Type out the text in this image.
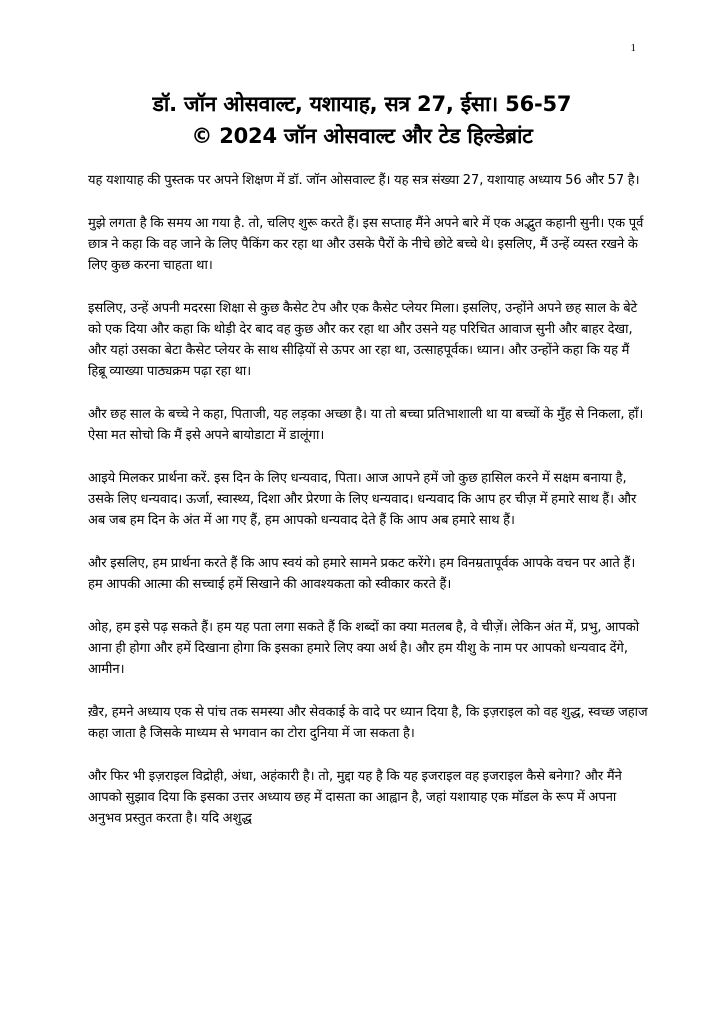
1
डॉ. जॉन ओसवाल्ट, यशायाह, सत्र 27, ईसा। 56-57
© 2024 जॉन ओसवाल्ट और टेड हिल्डेब्रांट

यह यशायाह की पुस्तक पर अपने शिक्षण में डॉ. जॉन ओसवाल्ट हैं। यह सत्र संख्या 27, यशायाह अध्याय 56 और 57 है।

मुझे लगता है कि समय आ गया है. तो, चलिए शुरू करते हैं। इस सप्ताह मैंने अपने बारे में एक अद्भुत कहानी सुनी। एक पूर्व छात्र ने कहा कि वह जाने के लिए पैकिंग कर रहा था और उसके पैरों के नीचे छोटे बच्चे थे। इसलिए, मैं उन्हें व्यस्त रखने के लिए कुछ करना चाहता था।

इसलिए, उन्हें अपनी मदरसा शिक्षा से कुछ कैसेट टेप और एक कैसेट प्लेयर मिला। इसलिए, उन्होंने अपने छह साल के बेटे को एक दिया और कहा कि थोड़ी देर बाद वह कुछ और कर रहा था और उसने यह परिचित आवाज सुनी और बाहर देखा, और यहां उसका बेटा कैसेट प्लेयर के साथ सीढ़ियों से ऊपर आ रहा था, उत्साहपूर्वक। ध्यान। और उन्होंने कहा कि यह मैं हिब्रू व्याख्या पाठ्यक्रम पढ़ा रहा था।

और छह साल के बच्चे ने कहा, पिताजी, यह लड़का अच्छा है। या तो बच्चा प्रतिभाशाली था या बच्चों के मुँह से निकला, हाँ। ऐसा मत सोचो कि मैं इसे अपने बायोडाटा में डालूंगा।

आइये मिलकर प्रार्थना करें. इस दिन के लिए धन्यवाद, पिता। आज आपने हमें जो कुछ हासिल करने में सक्षम बनाया है, उसके लिए धन्यवाद। ऊर्जा, स्वास्थ्य, दिशा और प्रेरणा के लिए धन्यवाद। धन्यवाद कि आप हर चीज़ में हमारे साथ हैं। और अब जब हम दिन के अंत में आ गए हैं, हम आपको धन्यवाद देते हैं कि आप अब हमारे साथ हैं।

और इसलिए, हम प्रार्थना करते हैं कि आप स्वयं को हमारे सामने प्रकट करेंगे। हम विनम्रतापूर्वक आपके वचन पर आते हैं। हम आपकी आत्मा की सच्चाई हमें सिखाने की आवश्यकता को स्वीकार करते हैं।

ओह, हम इसे पढ़ सकते हैं। हम यह पता लगा सकते हैं कि शब्दों का क्या मतलब है, वे चीज़ें। लेकिन अंत में, प्रभु, आपको आना ही होगा और हमें दिखाना होगा कि इसका हमारे लिए क्या अर्थ है। और हम यीशु के नाम पर आपको धन्यवाद देंगे, आमीन।

ख़ैर, हमने अध्याय एक से पांच तक समस्या और सेवकाई के वादे पर ध्यान दिया है, कि इज़राइल को वह शुद्ध, स्वच्छ जहाज कहा जाता है जिसके माध्यम से भगवान का टोरा दुनिया में जा सकता है।

और फिर भी इज़राइल विद्रोही, अंधा, अहंकारी है। तो, मुद्दा यह है कि यह इजराइल वह इजराइल कैसे बनेगा? और मैंने आपको सुझाव दिया कि इसका उत्तर अध्याय छह में दासता का आह्वान है, जहां यशायाह एक मॉडल के रूप में अपना अनुभव प्रस्तुत करता है। यदि अशुद्ध
